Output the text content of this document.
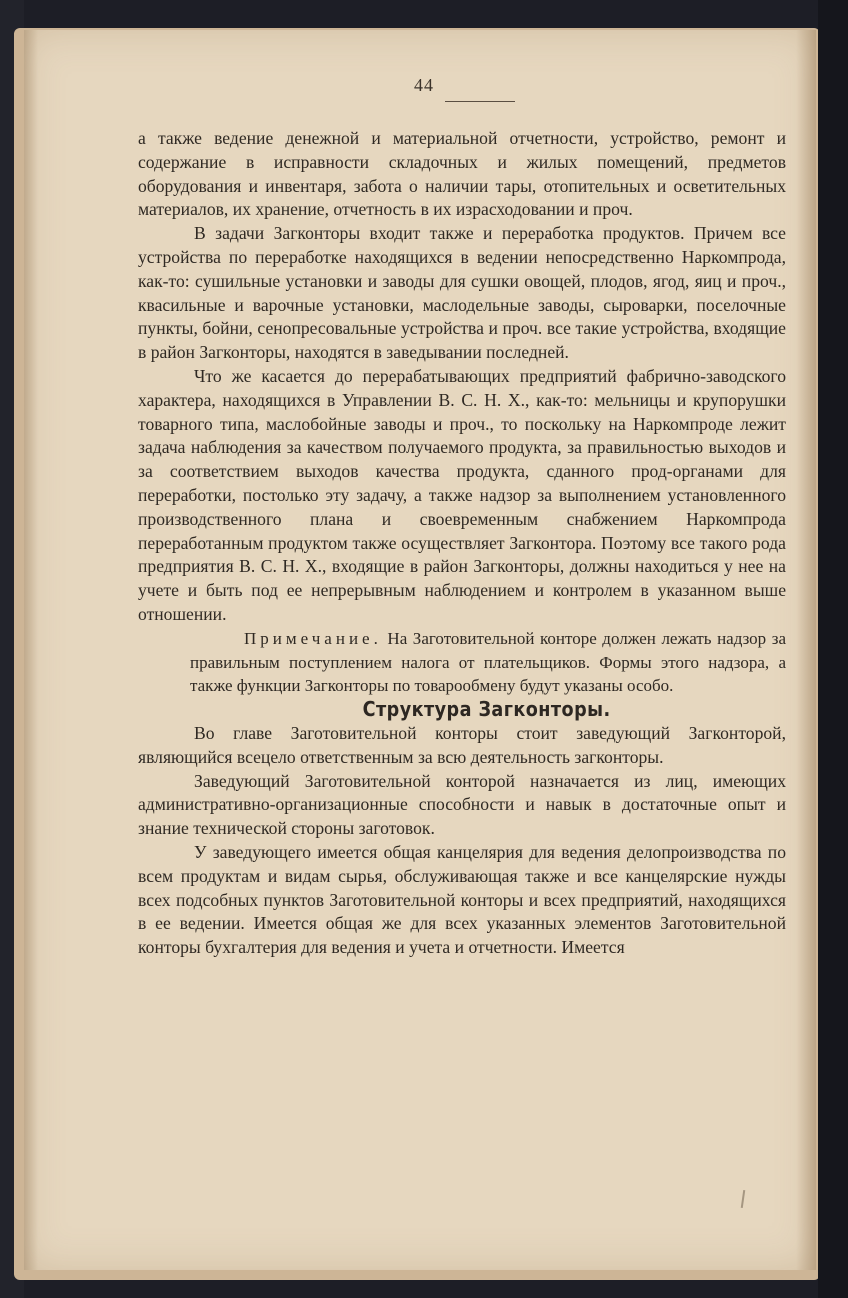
44

а также ведение денежной и материальной отчетности, устройство, ремонт и содержание в исправности складочных и жилых помещений, предметов оборудования и инвентаря, забота о наличии тары, отопительных и осветительных материалов, их хранение, отчетность в их израсходовании и проч.

В задачи Загконторы входит также и переработка продуктов. Причем все устройства по переработке находящихся в ведении непосредственно Наркомпрода, как-то: сушильные установки и заводы для сушки овощей, плодов, ягод, яиц и проч., квасильные и варочные установки, маслодельные заводы, сыроварки, поселочные пункты, бойни, сенопресовальные устройства и проч. все такие устройства, входящие в район Загконторы, находятся в заведывании последней.

Что же касается до перерабатывающих предприятий фабрично-заводского характера, находящихся в Управлении В. С. Н. Х., как-то: мельницы и крупорушки товарного типа, маслобойные заводы и проч., то поскольку на Наркомпроде лежит задача наблюдения за качеством получаемого продукта, за правильностью выходов и за соответствием выходов качества продукта, сданного прод-органами для переработки, постолько эту задачу, а также надзор за выполнением установленного производственного плана и своевременным снабжением Наркомпрода переработанным продуктом также осуществляет Загконтора. Поэтому все такого рода предприятия В. С. Н. Х., входящие в район Загконторы, должны находиться у нее на учете и быть под ее непрерывным наблюдением и контролем в указанном выше отношении.

Примечание. На Заготовительной конторе должен лежать надзор за правильным поступлением налога от плательщиков. Формы этого надзора, а также функции Загконторы по товарообмену будут указаны особо.

Структура Загконторы.

Во главе Заготовительной конторы стоит заведующий Загконторой, являющийся всецело ответственным за всю деятельность загконторы.

Заведующий Заготовительной конторой назначается из лиц, имеющих административно-организационные способности и навык в достаточные опыт и знание технической стороны заготовок.

У заведующего имеется общая канцелярия для ведения делопроизводства по всем продуктам и видам сырья, обслуживающая также и все канцелярские нужды всех подсобных пунктов Заготовительной конторы и всех предприятий, находящихся в ее ведении. Имеется общая же для всех указанных элементов Заготовительной конторы бухгалтерия для ведения и учета и отчетности. Имеется
